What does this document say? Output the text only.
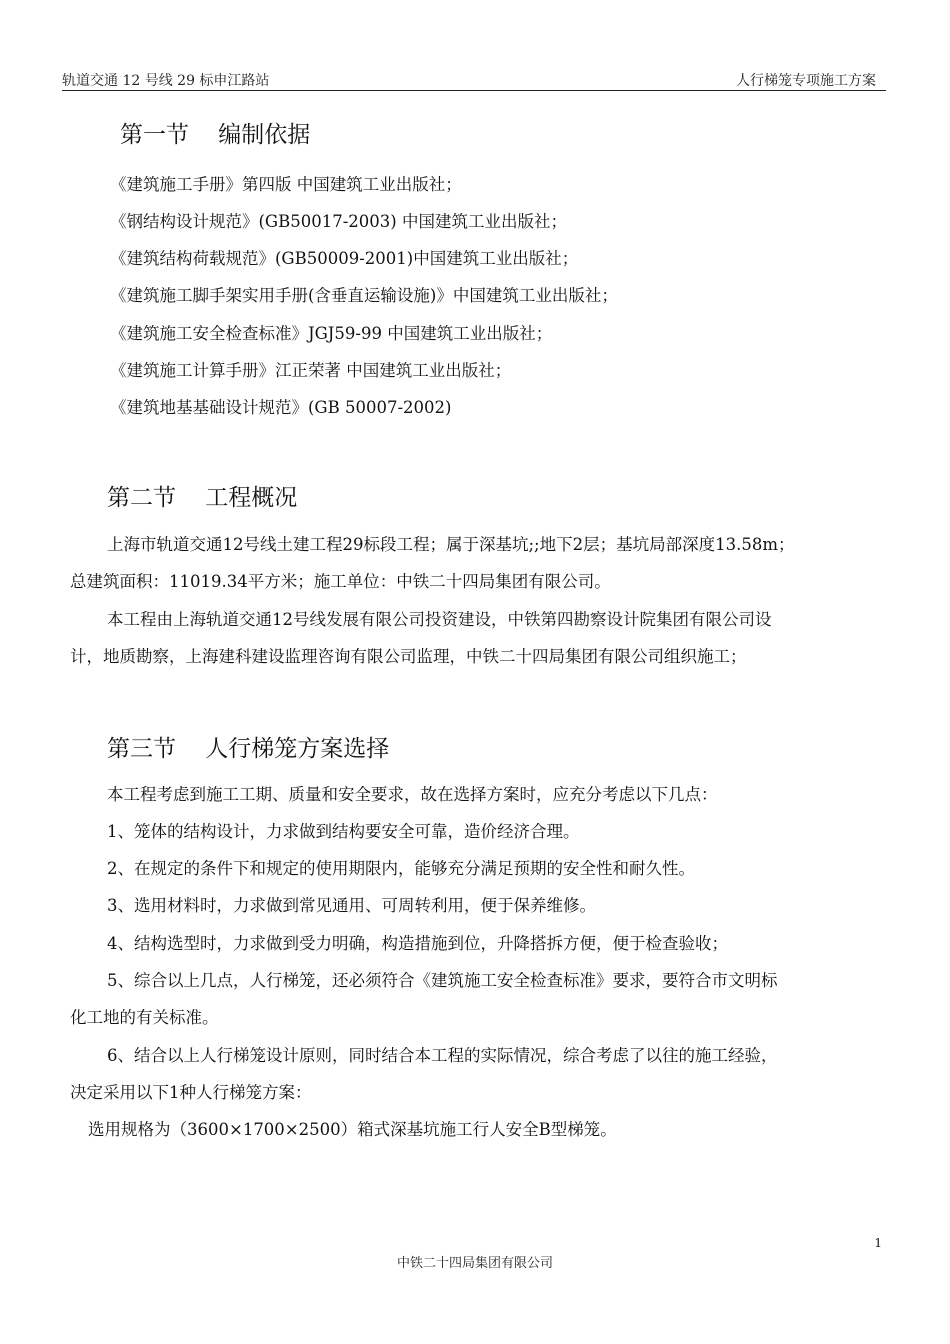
轨道交通 12 号线 29 标申江路站	人行梯笼专项施工方案
第一节    编制依据
《建筑施工手册》第四版 中国建筑工业出版社；
《钢结构设计规范》(GB50017-2003) 中国建筑工业出版社；
《建筑结构荷载规范》(GB50009-2001)中国建筑工业出版社；
《建筑施工脚手架实用手册(含垂直运输设施)》中国建筑工业出版社；
《建筑施工安全检查标准》JGJ59-99 中国建筑工业出版社；
《建筑施工计算手册》江正荣著 中国建筑工业出版社；
《建筑地基基础设计规范》(GB 50007-2002)
第二节    工程概况
上海市轨道交通12号线土建工程29标段工程；属于深基坑;;地下2层；基坑局部深度13.58m；
总建筑面积：11019.34平方米；施工单位：中铁二十四局集团有限公司。
本工程由上海轨道交通12号线发展有限公司投资建设，中铁第四勘察设计院集团有限公司设
计，地质勘察，上海建科建设监理咨询有限公司监理，中铁二十四局集团有限公司组织施工；
第三节    人行梯笼方案选择
本工程考虑到施工工期、质量和安全要求，故在选择方案时，应充分考虑以下几点：
1、笼体的结构设计，力求做到结构要安全可靠，造价经济合理。
2、在规定的条件下和规定的使用期限内，能够充分满足预期的安全性和耐久性。
3、选用材料时，力求做到常见通用、可周转利用，便于保养维修。
4、结构选型时，力求做到受力明确，构造措施到位，升降搭拆方便，便于检查验收；
5、综合以上几点，人行梯笼，还必须符合《建筑施工安全检查标准》要求，要符合市文明标
化工地的有关标准。
6、结合以上人行梯笼设计原则，同时结合本工程的实际情况，综合考虑了以往的施工经验，
决定采用以下1种人行梯笼方案：
选用规格为（3600×1700×2500）箱式深基坑施工行人安全B型梯笼。
1
中铁二十四局集团有限公司
